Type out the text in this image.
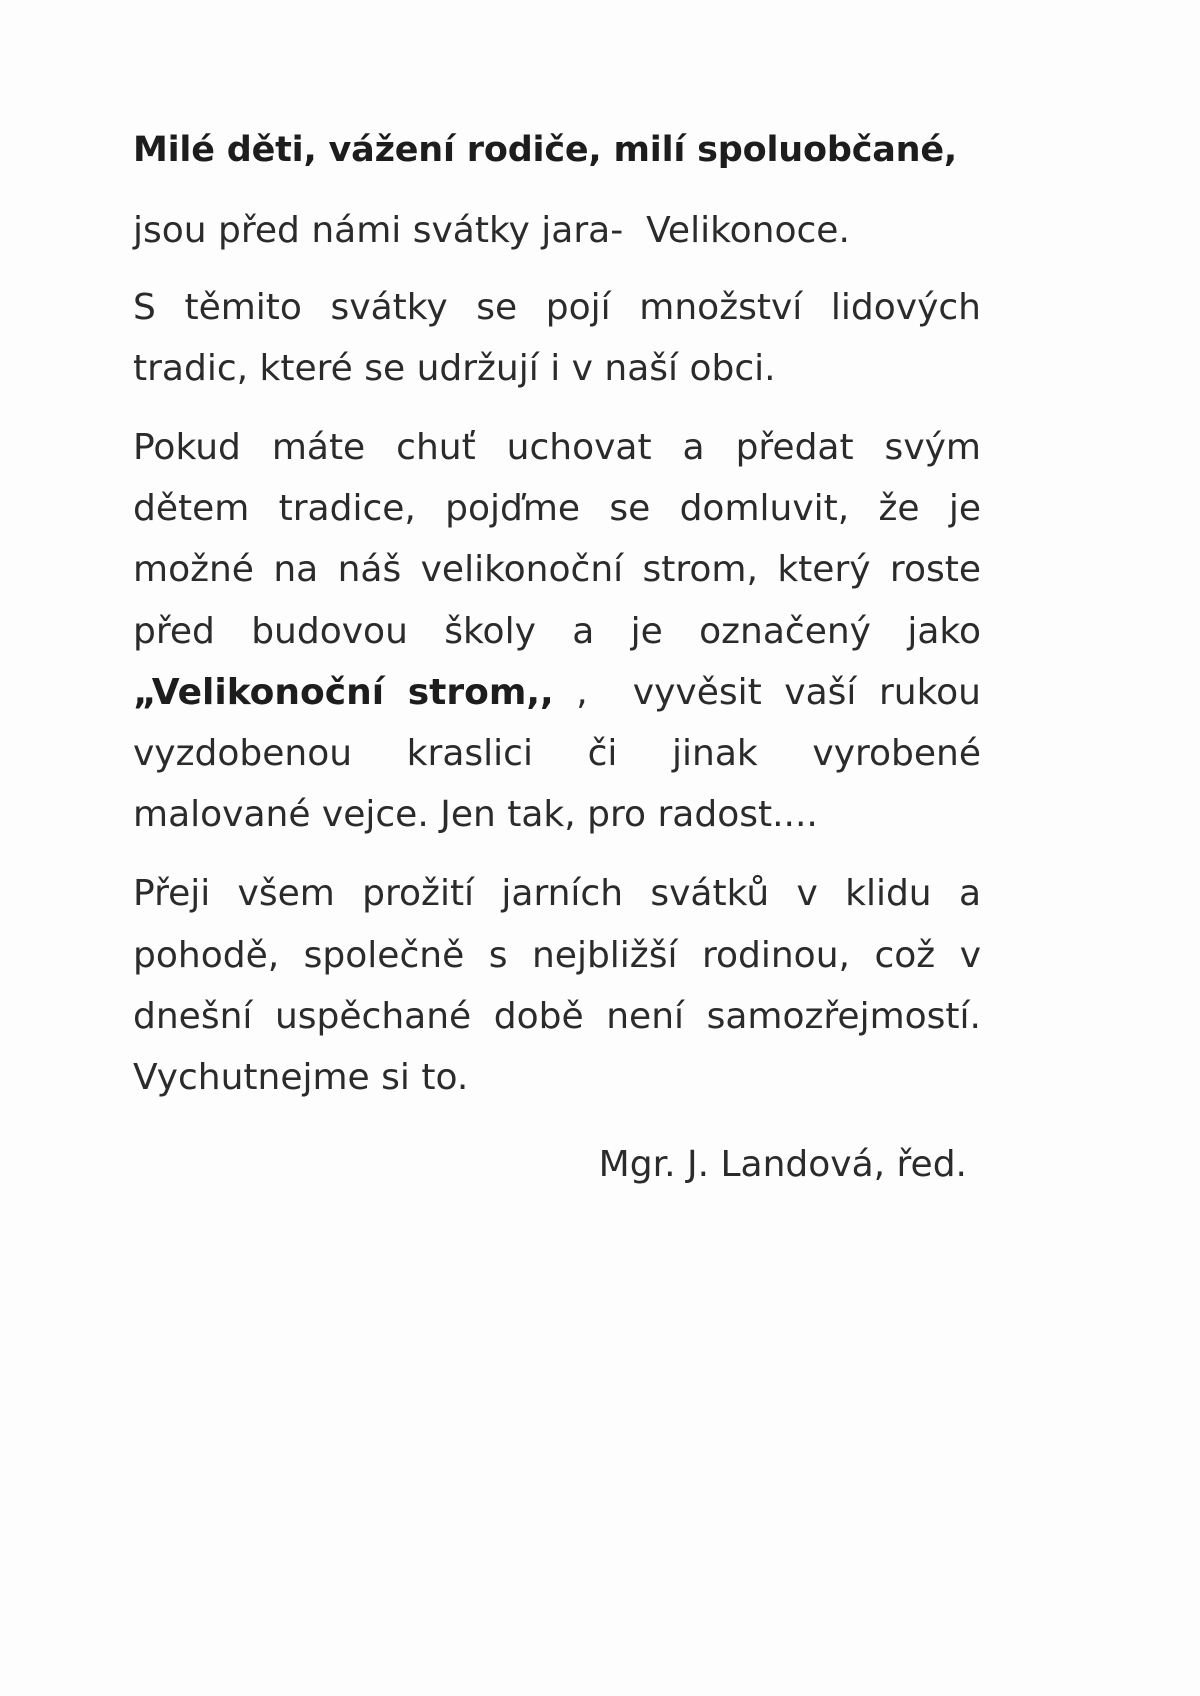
Milé děti, vážení rodiče, milí spoluobčané,

jsou před námi svátky jara-  Velikonoce.

S těmito svátky se pojí množství lidových tradic, které se udržují i v naší obci.

Pokud máte chuť uchovat a předat svým dětem tradice, pojďme se domluvit, že je možné na náš velikonoční strom, který roste před budovou školy a je označený jako „Velikonoční strom,, ,  vyvěsit vaší rukou vyzdobenou kraslici či jinak vyrobené malované vejce. Jen tak, pro radost....

Přeji všem prožití jarních svátků v klidu a pohodě, společně s nejbližší rodinou, což v dnešní uspěchané době není samozřejmostí. Vychutnejme si to.

Mgr. J. Landová, řed.
